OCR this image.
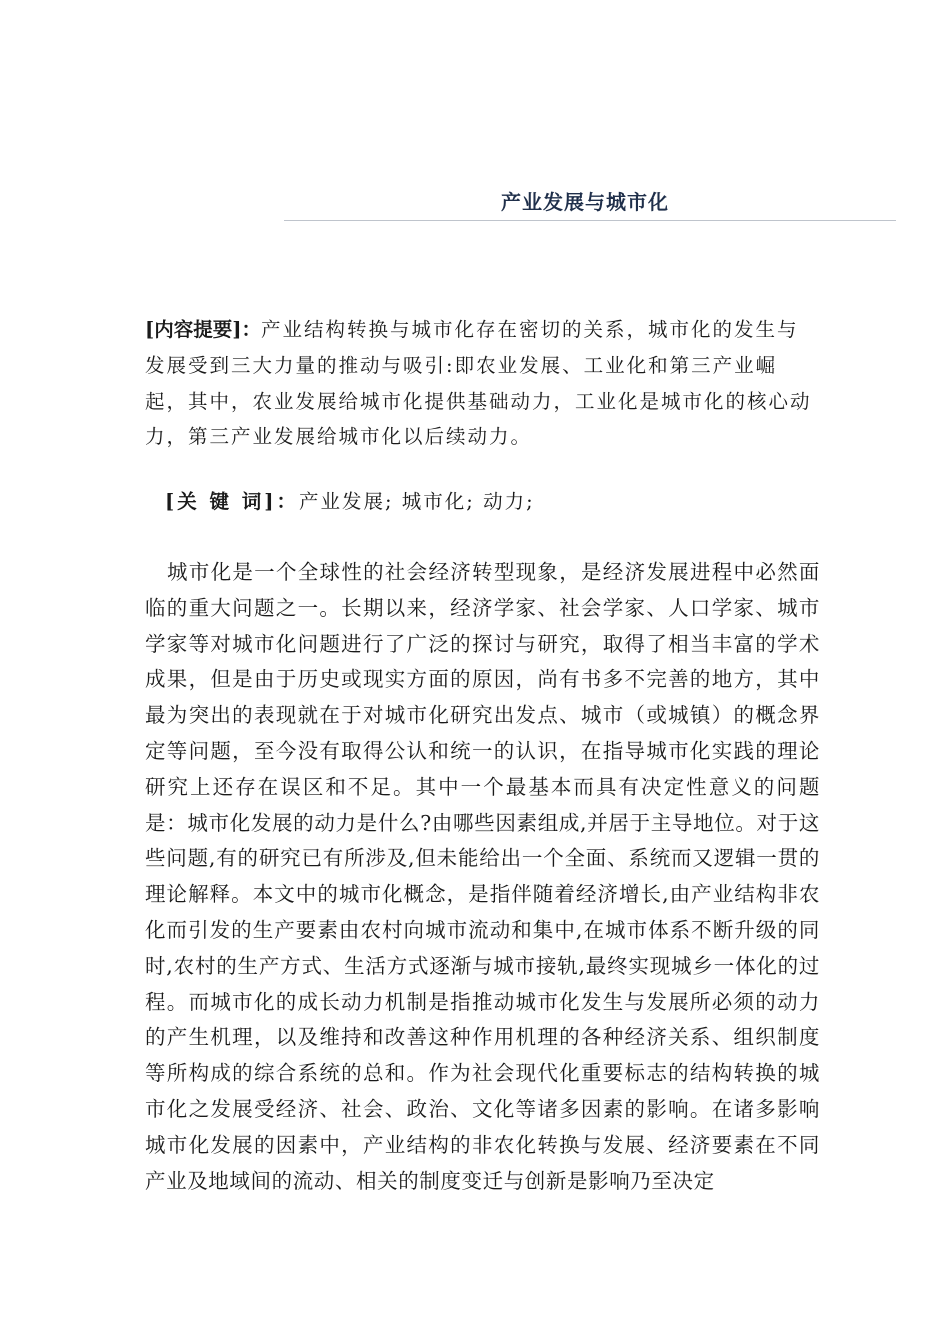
产业发展与城市化

[内容提要]：产业结构转换与城市化存在密切的关系，城市化的发生与发展受到三大力量的推动与吸引:即农业发展、工业化和第三产业崛起，其中，农业发展给城市化提供基础动力，工业化是城市化的核心动力，第三产业发展给城市化以后续动力。

[关 键 词]：产业发展; 城市化; 动力;

城市化是一个全球性的社会经济转型现象，是经济发展进程中必然面临的重大问题之一。长期以来，经济学家、社会学家、人口学家、城市学家等对城市化问题进行了广泛的探讨与研究，取得了相当丰富的学术成果，但是由于历史或现实方面的原因，尚有书多不完善的地方，其中最为突出的表现就在于对城市化研究出发点、城市（或城镇）的概念界定等问题，至今没有取得公认和统一的认识，在指导城市化实践的理论研究上还存在误区和不足。其中一个最基本而具有决定性意义的问题是：城市化发展的动力是什么?由哪些因素组成,并居于主导地位。对于这些问题,有的研究已有所涉及,但未能给出一个全面、系统而又逻辑一贯的理论解释。本文中的城市化概念，是指伴随着经济增长,由产业结构非农化而引发的生产要素由农村向城市流动和集中,在城市体系不断升级的同时,农村的生产方式、生活方式逐渐与城市接轨,最终实现城乡一体化的过程。而城市化的成长动力机制是指推动城市化发生与发展所必须的动力的产生机理，以及维持和改善这种作用机理的各种经济关系、组织制度等所构成的综合系统的总和。作为社会现代化重要标志的结构转换的城市化之发展受经济、社会、政治、文化等诸多因素的影响。在诸多影响城市化发展的因素中，产业结构的非农化转换与发展、经济要素在不同产业及地域间的流动、相关的制度变迁与创新是影响乃至决定
